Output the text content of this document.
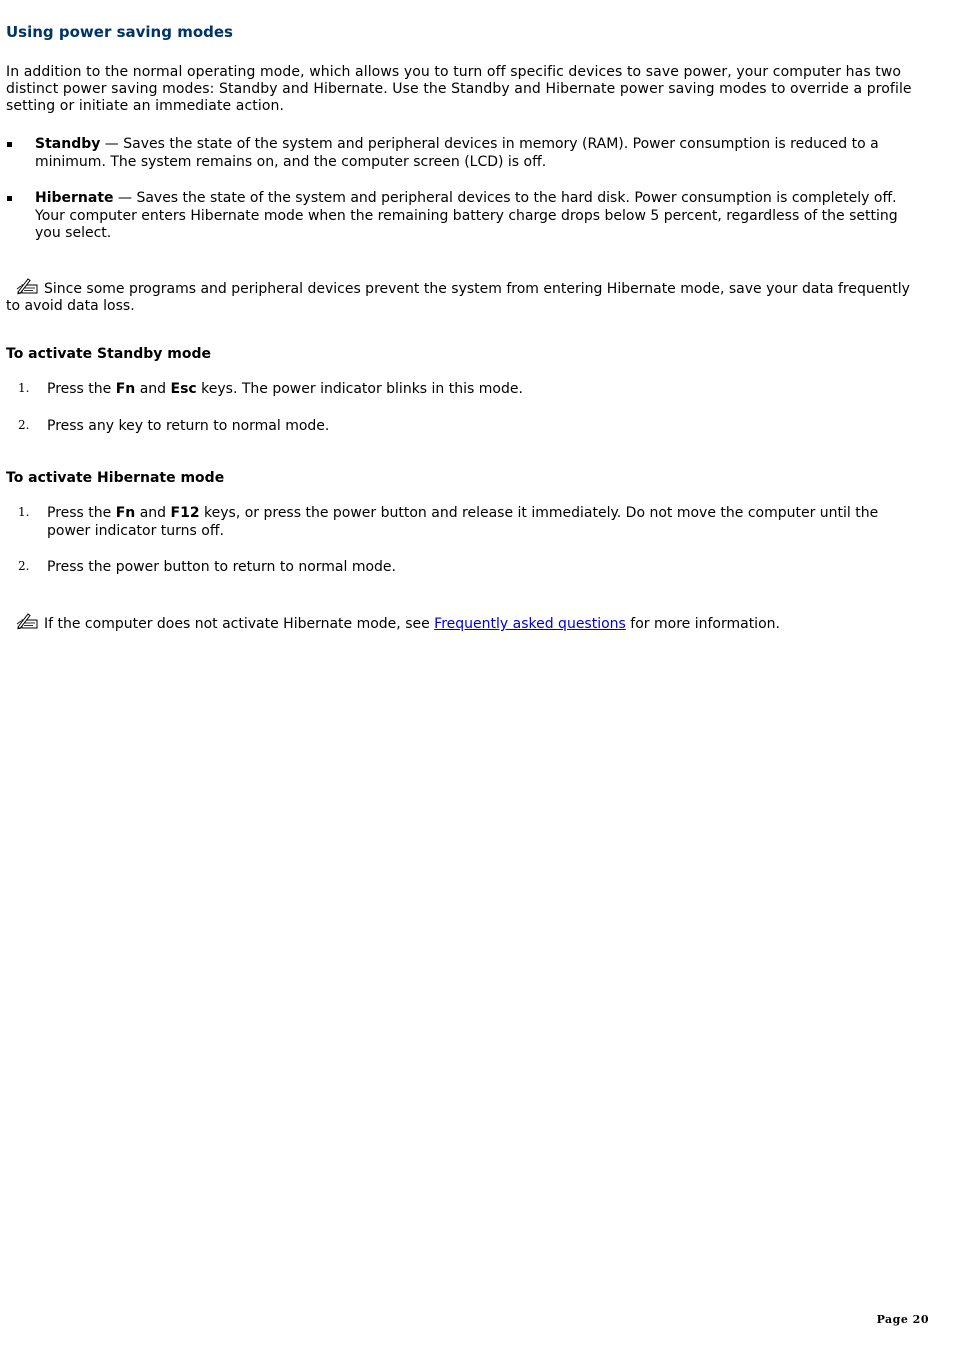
Using power saving modes

In addition to the normal operating mode, which allows you to turn off specific devices to save power, your computer has two distinct power saving modes: Standby and Hibernate. Use the Standby and Hibernate power saving modes to override a profile setting or initiate an immediate action.

Standby — Saves the state of the system and peripheral devices in memory (RAM). Power consumption is reduced to a minimum. The system remains on, and the computer screen (LCD) is off.
Hibernate — Saves the state of the system and peripheral devices to the hard disk. Power consumption is completely off. Your computer enters Hibernate mode when the remaining battery charge drops below 5 percent, regardless of the setting you select.
Since some programs and peripheral devices prevent the system from entering Hibernate mode, save your data frequently to avoid data loss.
To activate Standby mode
1. Press the Fn and Esc keys. The power indicator blinks in this mode.
2. Press any key to return to normal mode.
To activate Hibernate mode
1. Press the Fn and F12 keys, or press the power button and release it immediately. Do not move the computer until the power indicator turns off.
2. Press the power button to return to normal mode.
If the computer does not activate Hibernate mode, see Frequently asked questions for more information.
Page 20
